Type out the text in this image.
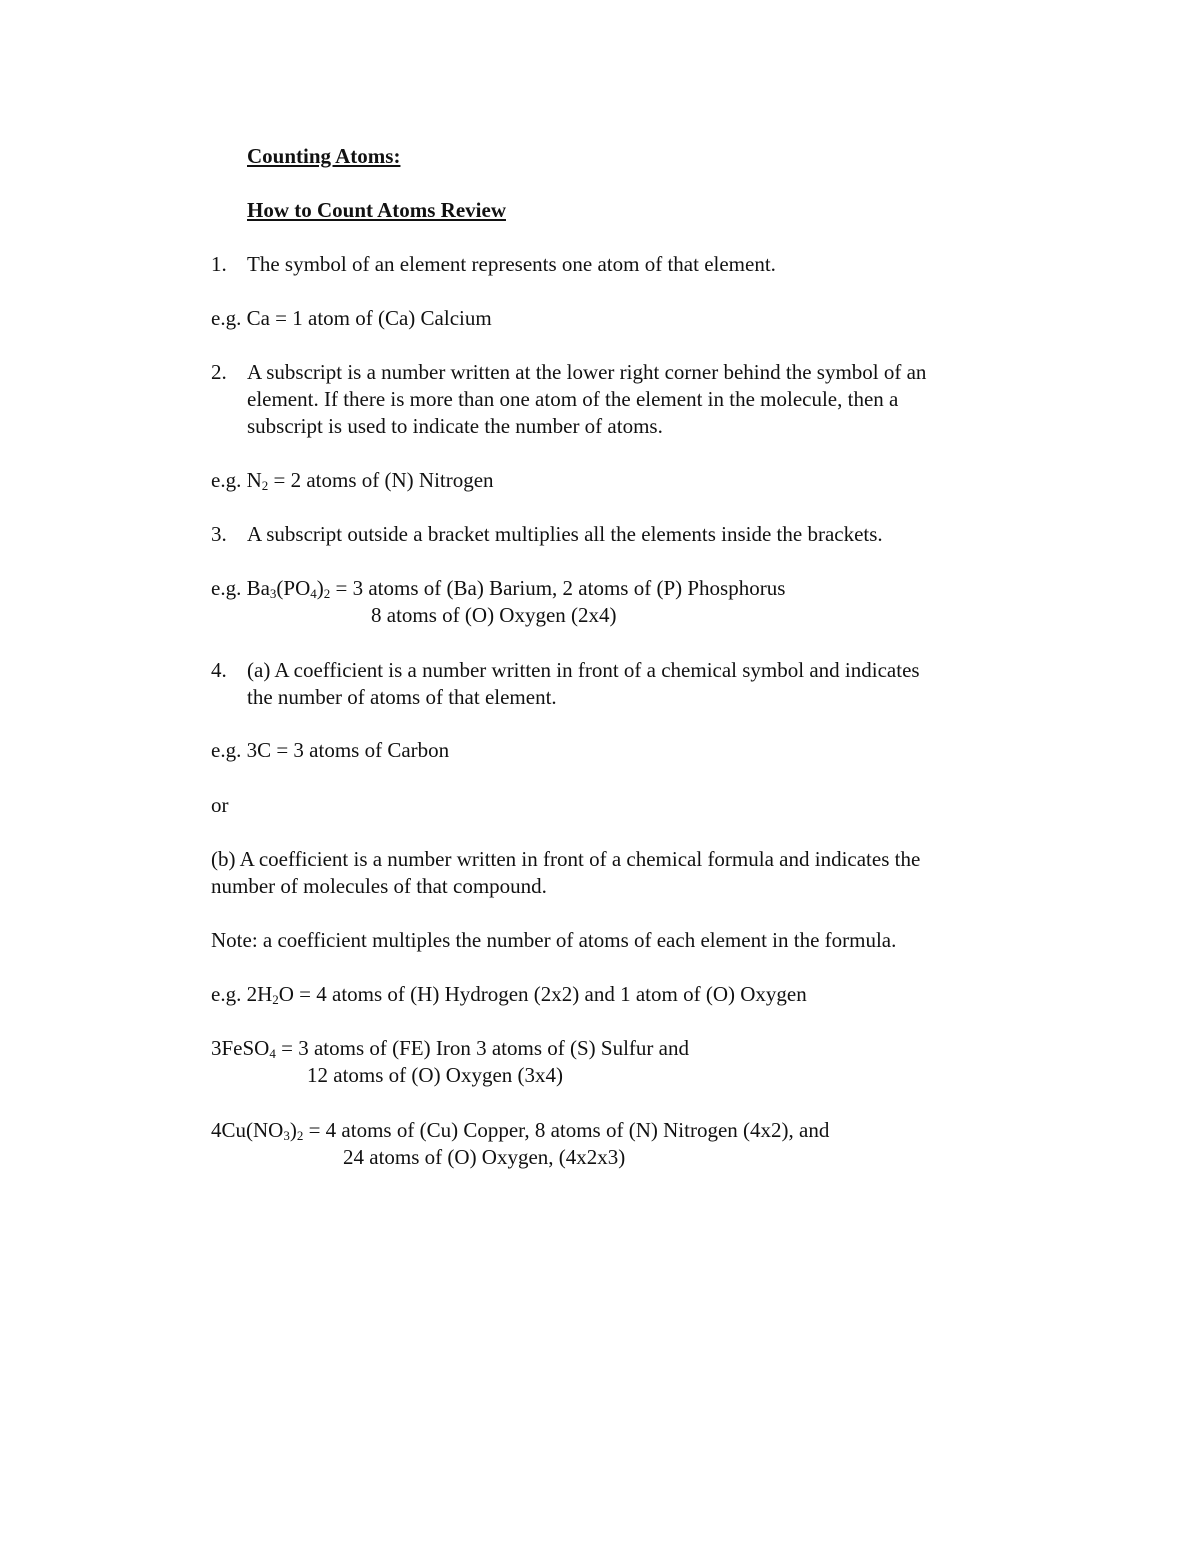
Counting Atoms:
How to Count Atoms Review
1. The symbol of an element represents one atom of that element.
e.g. Ca = 1 atom of (Ca) Calcium
2. A subscript is a number written at the lower right corner behind the symbol of an
element. If there is more than one atom of the element in the molecule, then a
subscript is used to indicate the number of atoms.
e.g. $N_2 = 2$ atoms of (N) Nitrogen
3. A subscript outside a bracket multiplies all the elements inside the brackets.
e.g. $Ba_3(PO_4)_2 = 3$ atoms of (Ba) Barium, 2 atoms of (P) Phosphorus
8 atoms of (O) Oxygen (2x4)
4. (a) A coefficient is a number written in front of a chemical symbol and indicates
the number of atoms of that element.
e.g. 3C = 3 atoms of Carbon
or
(b) A coefficient is a number written in front of a chemical formula and indicates the
number of molecules of that compound.
Note: a coefficient multiples the number of atoms of each element in the formula.
e.g. $2H_2O = 4$ atoms of (H) Hydrogen (2x2) and 1 atom of (O) Oxygen
3FeSO$_4$ = 3 atoms of (FE) Iron 3 atoms of (S) Sulfur and
12 atoms of (O) Oxygen (3x4)
$4Cu(NO_3)_2 = 4$ atoms of (Cu) Copper, 8 atoms of (N) Nitrogen (4x2), and
24 atoms of (O) Oxygen, (4x2x3)
